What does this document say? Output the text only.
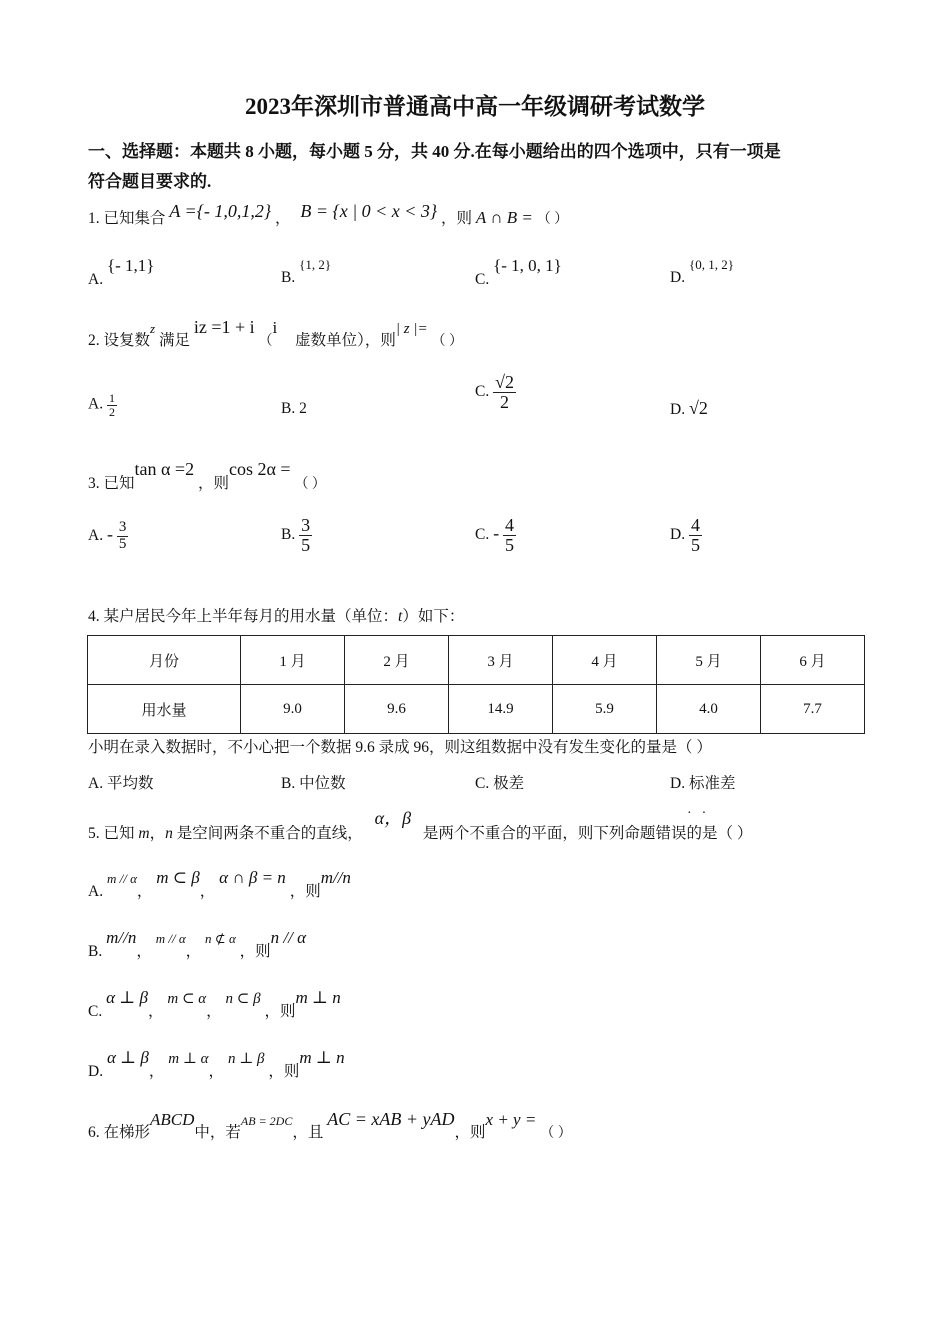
2023年深圳市普通高中高一年级调研考试数学
一、选择题：本题共 8 小题，每小题 5 分，共 40 分.在每小题给出的四个选项中，只有一项是
符合题目要求的.
1. 已知集合 A ={- 1,0,1,2} ， B = {x | 0 < x < 3} ，则 A ∩ B = （ ）
A. {- 1,1}
B. {1, 2}
C. {- 1, 0, 1}
D. {0, 1, 2}
2. 设复数z 满足 iz =1 + i （i 虚数单位），则| z |= （ ）
A. $\frac{1}{2}$	B. 2
C. $\frac{√2}{2}$	D. √2
3. 已知tan α =2 ，则cos 2α = （ ）
A. - $\frac{3}{5}$	B. $\frac{3}{5}$	C. - $\frac{4}{5}$	D. $\frac{4}{5}$
4. 某户居民今年上半年每月的用水量（单位：t）如下：
月份	1 月	2 月	3 月	4 月	5 月	6 月
用水量	9.0	9.6	14.9	5.9	4.0	7.7
小明在录入数据时，不小心把一个数据 9.6 录成 96，则这组数据中没有发生变化的量是（ ）
A. 平均数	B. 中位数	C. 极差	D. 标准差
5. 已知 m，n 是空间两条不重合的直线， α，β 是两个不重合的平面，则下列命题错误的是（ ）
··
A. m // α， m ⊂ β， α ∩ β = n ，则m//n
B. m//n， m // α， n ⊄ α ，则n // α
C. α ⊥ β， m ⊂ α， n ⊂ β ，则m ⊥ n
D. α ⊥ β， m ⊥ α， n ⊥ β ，则m ⊥ n
6. 在梯形ABCD中，若AB = 2DC，且 AC = xAB + yAD，则x + y = （ ）
